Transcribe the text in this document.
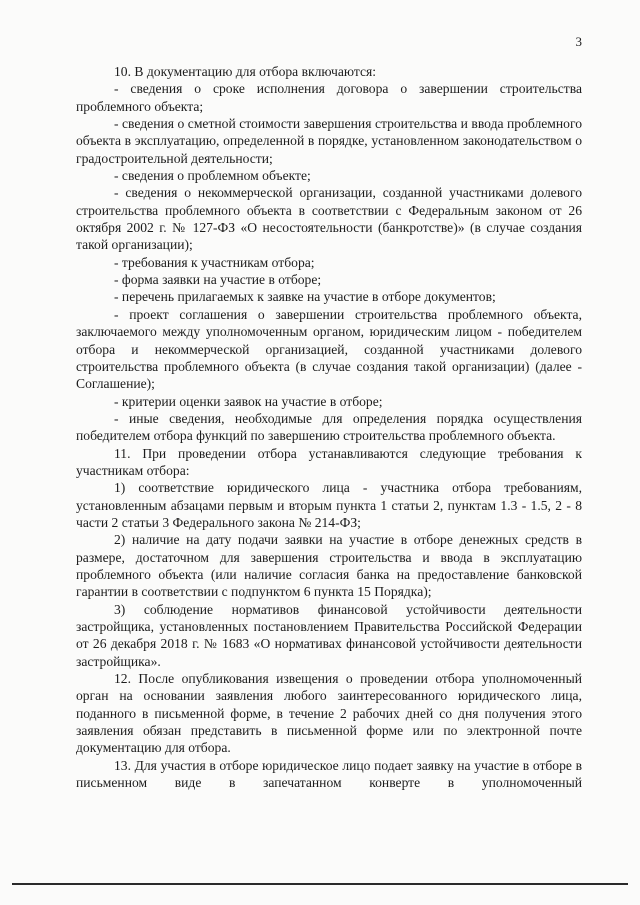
3

10. В документацию для отбора включаются:

- сведения о сроке исполнения договора о завершении строительства проблемного объекта;

- сведения о сметной стоимости завершения строительства и ввода проблемного объекта в эксплуатацию, определенной в порядке, установленном законодательством о градостроительной деятельности;

- сведения о проблемном объекте;

- сведения о некоммерческой организации, созданной участниками долевого строительства проблемного объекта в соответствии с Федеральным законом от 26 октября 2002 г. № 127-ФЗ «О несостоятельности (банкротстве)» (в случае создания такой организации);

- требования к участникам отбора;

- форма заявки на участие в отборе;

- перечень прилагаемых к заявке на участие в отборе документов;

- проект соглашения о завершении строительства проблемного объекта, заключаемого между уполномоченным органом, юридическим лицом - победителем отбора и некоммерческой организацией, созданной участниками долевого строительства проблемного объекта (в случае создания такой организации) (далее - Соглашение);

- критерии оценки заявок на участие в отборе;

- иные сведения, необходимые для определения порядка осуществления победителем отбора функций по завершению строительства проблемного объекта.

11. При проведении отбора устанавливаются следующие требования к участникам отбора:

1) соответствие юридического лица - участника отбора требованиям, установленным абзацами первым и вторым пункта 1 статьи 2, пунктам 1.3 - 1.5, 2 - 8 части 2 статьи 3 Федерального закона № 214-ФЗ;

2) наличие на дату подачи заявки на участие в отборе денежных средств в размере, достаточном для завершения строительства и ввода в эксплуатацию проблемного объекта (или наличие согласия банка на предоставление банковской гарантии в соответствии с подпунктом 6 пункта 15 Порядка);

3) соблюдение нормативов финансовой устойчивости деятельности застройщика, установленных постановлением Правительства Российской Федерации от 26 декабря 2018 г. № 1683 «О нормативах финансовой устойчивости деятельности застройщика».

12. После опубликования извещения о проведении отбора уполномоченный орган на основании заявления любого заинтересованного юридического лица, поданного в письменной форме, в течение 2 рабочих дней со дня получения этого заявления обязан представить в письменной форме или по электронной почте документацию для отбора.

13. Для участия в отборе юридическое лицо подает заявку на участие в отборе в письменном виде в запечатанном конверте в уполномоченный
